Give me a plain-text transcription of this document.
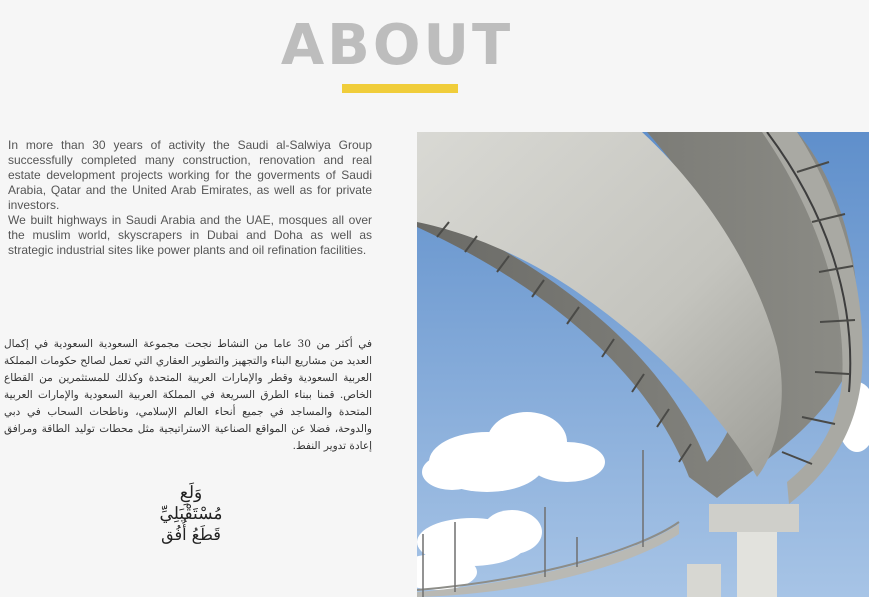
ABOUT

In more than 30 years of activity the Saudi al-Salwiya Group successfully completed many construction, renovation and real estate development projects working for the goverments of Saudi Arabia, Qatar and the United Arab Emirates, as well as for private investors.

We built highways in Saudi Arabia and the UAE, mosques all over the muslim world, skyscrapers in Dubai and Doha as well as strategic industrial sites like power plants and oil refination facilities.

في أكثر من 30 عاما من النشاط نجحت مجموعة السعودية السعودية في إكمال العديد من مشاريع البناء والتجهيز والتطوير العقاري التي تعمل لصالح حكومات المملكة العربية السعودية وقطر والإمارات العربية المتحدة وكذلك للمستثمرين من القطاع الخاص. قمنا ببناء الطرق السريعة في المملكة العربية السعودية والإمارات العربية المتحدة والمساجد في جميع أنحاء العالم الإسلامي، وناطحات السحاب في دبي والدوحة، فضلا عن المواقع الصناعية الاستراتيجية مثل محطات توليد الطاقة ومرافق إعادة تدوير النفط.
وَلَعِ
مُسْتَقْبَلِيِّ
قَطَعُ أُفُق
